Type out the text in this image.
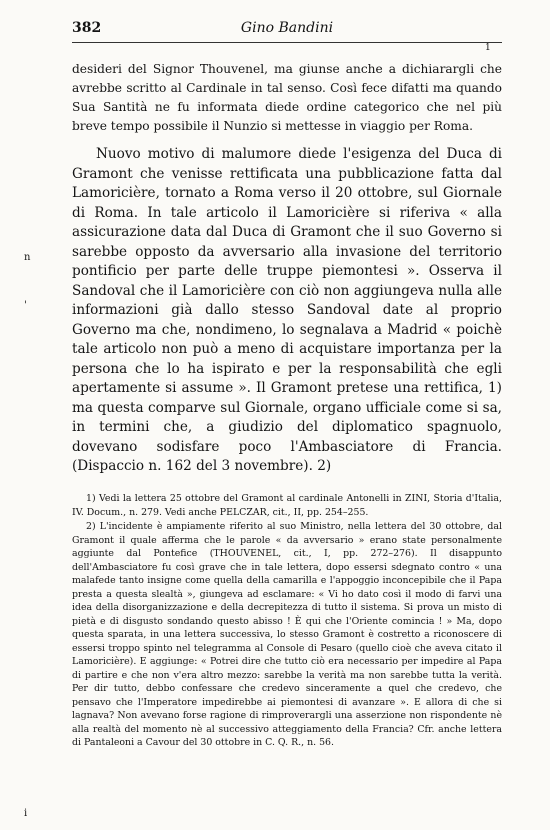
382	Gino Bandini
1

desideri del Signor Thouvenel, ma giunse anche a dichiarargli che avrebbe scritto al Cardinale in tal senso. Così fece difatti ma quando Sua Santità ne fu informata diede ordine categorico che nel più breve tempo possibile il Nunzio si mettesse in viaggio per Roma.

Nuovo motivo di malumore diede l'esigenza del Duca di Gramont che venisse rettificata una pubblicazione fatta dal Lamoricière, tornato a Roma verso il 20 ottobre, sul Giornale di Roma. In tale articolo il Lamoricière si riferiva « alla assicurazione data dal Duca di Gramont che il suo Governo si sarebbe opposto da avversario alla invasione del territorio pontificio per parte delle truppe piemontesi ». Osserva il Sandoval che il Lamoricière con ciò non aggiungeva nulla alle informazioni già dallo stesso Sandoval date al proprio Governo ma che, nondimeno, lo segnalava a Madrid « poichè tale articolo non può a meno di acquistare importanza per la persona che lo ha ispirato e per la responsabilità che egli apertamente si assume ». Il Gramont pretese una rettifica, 1) ma questa comparve sul Giornale, organo ufficiale come si sa, in termini che, a giudizio del diplomatico spagnuolo, dovevano sodisfare poco l'Ambasciatore di Francia. (Dispaccio n. 162 del 3 novembre). 2)

n
'

1) Vedi la lettera 25 ottobre del Gramont al cardinale Antonelli in ZINI, Storia d'Italia, IV. Docum., n. 279. Vedi anche PELCZAR, cit., II, pp. 254–255.

2) L'incidente è ampiamente riferito al suo Ministro, nella lettera del 30 ottobre, dal Gramont il quale afferma che le parole « da avversario » erano state personalmente aggiunte dal Pontefice (THOUVENEL, cit., I, pp. 272–276). Il disappunto dell'Ambasciatore fu così grave che in tale lettera, dopo essersi sdegnato contro « una malafede tanto insigne come quella della camarilla e l'appoggio inconcepibile che il Papa presta a questa slealtà », giungeva ad esclamare: « Vi ho dato così il modo di farvi una idea della disorganizzazione e della decrepitezza di tutto il sistema. Si prova un misto di pietà e di disgusto sondando questo abisso ! È qui che l'Oriente comincia ! » Ma, dopo questa sparata, in una lettera successiva, lo stesso Gramont è costretto a riconoscere di essersi troppo spinto nel telegramma al Console di Pesaro (quello cioè che aveva citato il Lamoricière). E aggiunge: « Potrei dire che tutto ciò era necessario per impedire al Papa di partire e che non v'era altro mezzo: sarebbe la verità ma non sarebbe tutta la verità. Per dir tutto, debbo confessare che credevo sinceramente a quel che credevo, che pensavo che l'Imperatore impedirebbe ai piemontesi di avanzare ». E allora di che si lagnava? Non avevano forse ragione di rimproverargli una asserzione non rispondente nè alla realtà del momento nè al successivo atteggiamento della Francia? Cfr. anche lettera di Pantaleoni a Cavour del 30 ottobre in C. Q. R., n. 56.

i
